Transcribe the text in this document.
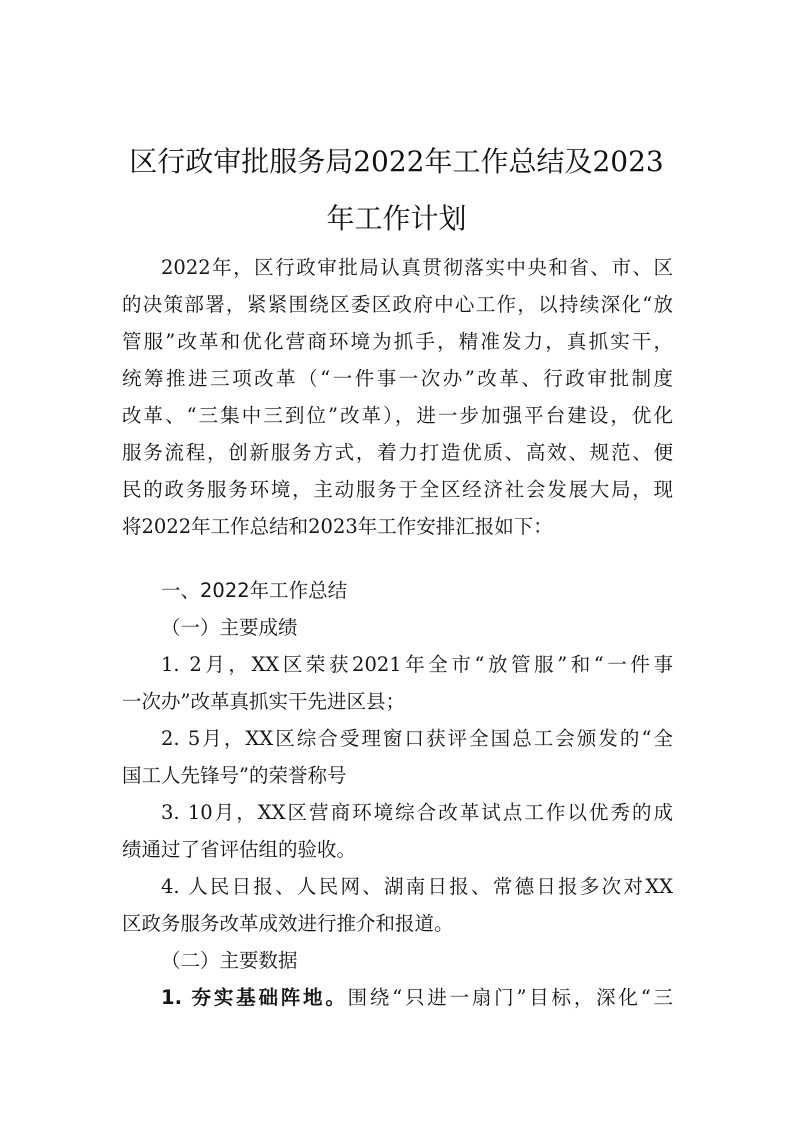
区行政审批服务局2022年工作总结及2023
年工作计划
2022年，区行政审批局认真贯彻落实中央和省、市、区
的决策部署，紧紧围绕区委区政府中心工作，以持续深化“放
管服”改革和优化营商环境为抓手，精准发力，真抓实干，
统筹推进三项改革（“一件事一次办”改革、行政审批制度
改革、“三集中三到位”改革），进一步加强平台建设，优化
服务流程，创新服务方式，着力打造优质、高效、规范、便
民的政务服务环境，主动服务于全区经济社会发展大局，现
将2022年工作总结和2023年工作安排汇报如下：
一、2022年工作总结
（一）主要成绩
1. 2月，XX区荣获2021年全市“放管服”和“一件事
一次办”改革真抓实干先进区县；
2. 5月，XX区综合受理窗口获评全国总工会颁发的“全
国工人先锋号”的荣誉称号
3. 10月，XX区营商环境综合改革试点工作以优秀的成
绩通过了省评估组的验收。
4. 人民日报、人民网、湖南日报、常德日报多次对XX
区政务服务改革成效进行推介和报道。
（二）主要数据
1. 夯实基础阵地。围绕“只进一扇门”目标，深化“三
